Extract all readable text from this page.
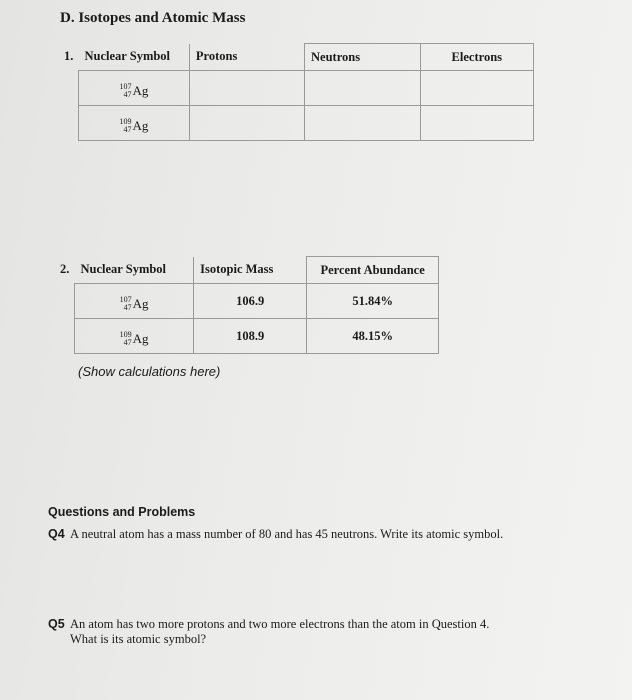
D. Isotopes and Atomic Mass
1. Nuclear Symbol	Protons	Neutrons	Electrons

107
47 Ag			

109
47 Ag			

2. Nuclear Symbol	Isotopic Mass	Percent Abundance

107
47 Ag	106.9	51.84%

109
47 Ag	108.9	48.15%
(Show calculations here)
Questions and Problems
Q4 A neutral atom has a mass number of 80 and has 45 neutrons. Write its atomic symbol.
Q5 An atom has two more protons and two more electrons than the atom in Question 4.
What is its atomic symbol?
